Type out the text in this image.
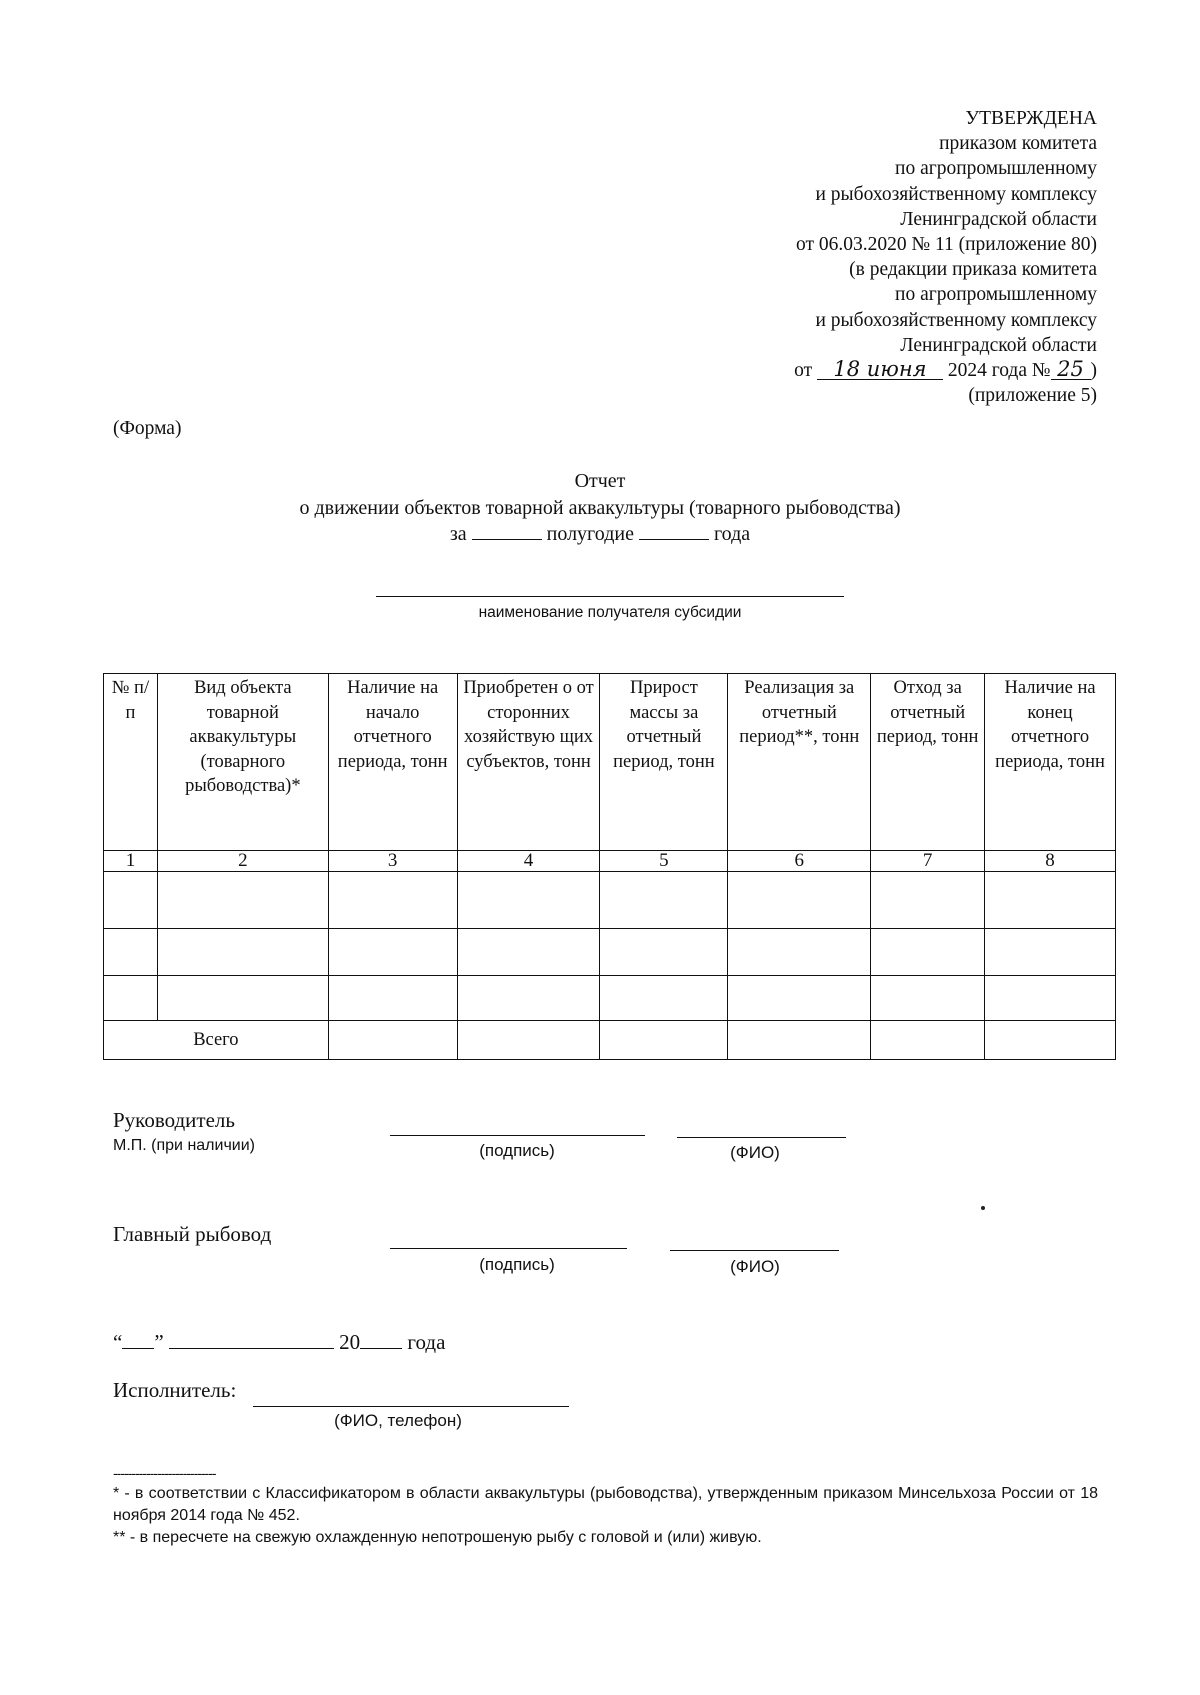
УТВЕРЖДЕНА
приказом комитета
по агропромышленному
и рыбохозяйственному комплексу
Ленинградской области
от 06.03.2020 № 11 (приложение 80)
(в редакции приказа комитета
по агропромышленному
и рыбохозяйственному комплексу
Ленинградской области
от 18 июня 2024 года № 25 )
(приложение 5)
(Форма)
Отчет
о движении объектов товарной аквакультуры (товарного рыбоводства)
за	полугодие	года
наименование получателя субсидии
№ п/п	Вид объекта товарной аквакультуры (товарного рыбоводства)*	Наличие на начало отчетного периода, тонн	Приобретен о от сторонних хозяйствую щих субъектов, тонн	Прирост массы за отчетный период, тонн	Реализация за отчетный период**, тонн	Отход за отчетный период, тонн	Наличие на конец отчетного периода, тонн
1	2	3	4	5	6	7	8

Всего							
Руководитель
М.П. (при наличии)	(подпись)	(ФИО)
Главный рыбовод
(подпись)	(ФИО)
“ ”	20 года
Исполнитель:
(ФИО, телефон)
----------------------------
* - в соответствии с Классификатором в области аквакультуры (рыбоводства), утвержденным приказом Минсельхоза России от 18 ноября 2014 года № 452.
** - в пересчете на свежую охлажденную непотрошеную рыбу с головой и (или) живую.
